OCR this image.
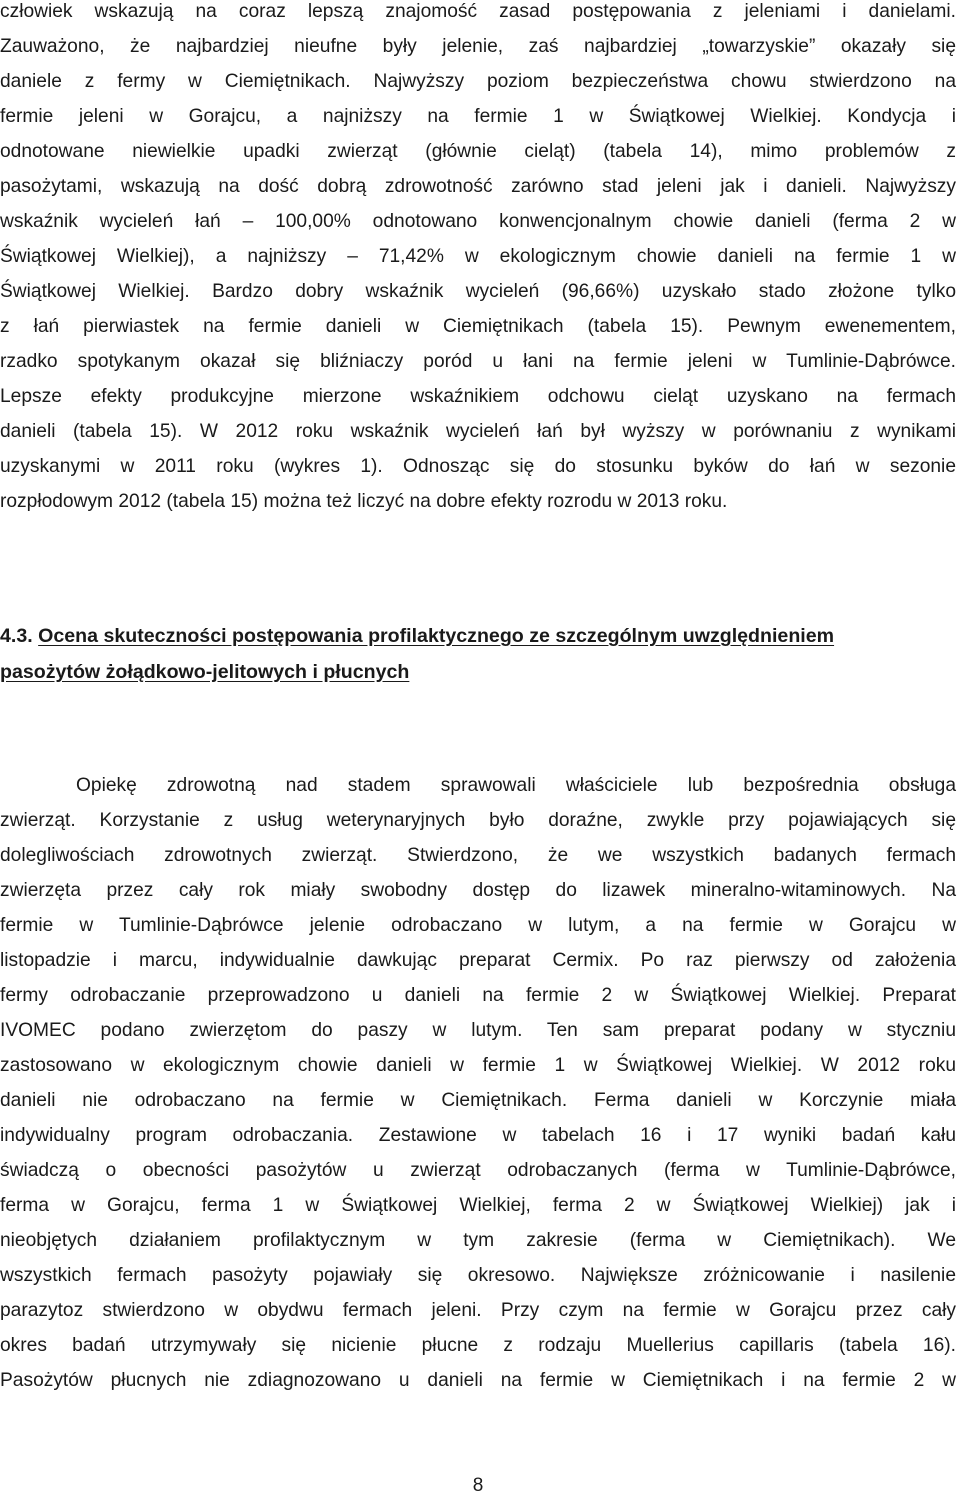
człowiek wskazują na coraz lepszą znajomość zasad postępowania z jeleniami i danielami.
Zauważono, że najbardziej nieufne były jelenie, zaś najbardziej „towarzyskie” okazały się
daniele z fermy w Ciemiętnikach. Najwyższy poziom bezpieczeństwa chowu stwierdzono na
fermie jeleni w Gorajcu, a najniższy na fermie 1 w Świątkowej Wielkiej. Kondycja i
odnotowane niewielkie upadki zwierząt (głównie cieląt) (tabela 14), mimo problemów z
pasożytami, wskazują na dość dobrą zdrowotność zarówno stad jeleni jak i danieli. Najwyższy
wskaźnik wycieleń łań – 100,00% odnotowano konwencjonalnym chowie danieli (ferma 2 w
Świątkowej Wielkiej), a najniższy – 71,42% w ekologicznym chowie danieli na fermie 1 w
Świątkowej Wielkiej. Bardzo dobry wskaźnik wycieleń (96,66%) uzyskało stado złożone tylko
z łań pierwiastek na fermie danieli w Ciemiętnikach (tabela 15). Pewnym ewenementem,
rzadko spotykanym okazał się bliźniaczy poród u łani na fermie jeleni w Tumlinie-Dąbrówce.
Lepsze efekty produkcyjne mierzone wskaźnikiem odchowu cieląt uzyskano na fermach
danieli (tabela 15). W 2012 roku wskaźnik wycieleń łań był wyższy w porównaniu z wynikami
uzyskanymi w 2011 roku (wykres 1). Odnosząc się do stosunku byków do łań w sezonie
rozpłodowym 2012 (tabela 15) można też liczyć na dobre efekty rozrodu w 2013 roku.

4.3. Ocena skuteczności postępowania profilaktycznego ze szczególnym uwzględnieniem
pasożytów żołądkowo-jelitowych i płucnych

Opiekę zdrowotną nad stadem sprawowali właściciele lub bezpośrednia obsługa
zwierząt. Korzystanie z usług weterynaryjnych było doraźne, zwykle przy pojawiających się
dolegliwościach zdrowotnych zwierząt. Stwierdzono, że we wszystkich badanych fermach
zwierzęta przez cały rok miały swobodny dostęp do lizawek mineralno-witaminowych. Na
fermie w Tumlinie-Dąbrówce jelenie odrobaczano w lutym, a na fermie w Gorajcu w
listopadzie i marcu, indywidualnie dawkując preparat Cermix. Po raz pierwszy od założenia
fermy odrobaczanie przeprowadzono u danieli na fermie 2 w Świątkowej Wielkiej. Preparat
IVOMEC podano zwierzętom do paszy w lutym. Ten sam preparat podany w styczniu
zastosowano w ekologicznym chowie danieli w fermie 1 w Świątkowej Wielkiej. W 2012 roku
danieli nie odrobaczano na fermie w Ciemiętnikach. Ferma danieli w Korczynie miała
indywidualny program odrobaczania. Zestawione w tabelach 16 i 17 wyniki badań kału
świadczą o obecności pasożytów u zwierząt odrobaczanych (ferma w Tumlinie-Dąbrówce,
ferma w Gorajcu, ferma 1 w Świątkowej Wielkiej, ferma 2 w Świątkowej Wielkiej) jak i
nieobjętych działaniem profilaktycznym w tym zakresie (ferma w Ciemiętnikach). We
wszystkich fermach pasożyty pojawiały się okresowo. Największe zróżnicowanie i nasilenie
parazytoz stwierdzono w obydwu fermach jeleni. Przy czym na fermie w Gorajcu przez cały
okres badań utrzymywały się nicienie płucne z rodzaju Muellerius capillaris (tabela 16).
Pasożytów płucnych nie zdiagnozowano u danieli na fermie w Ciemiętnikach i na fermie 2 w

8
